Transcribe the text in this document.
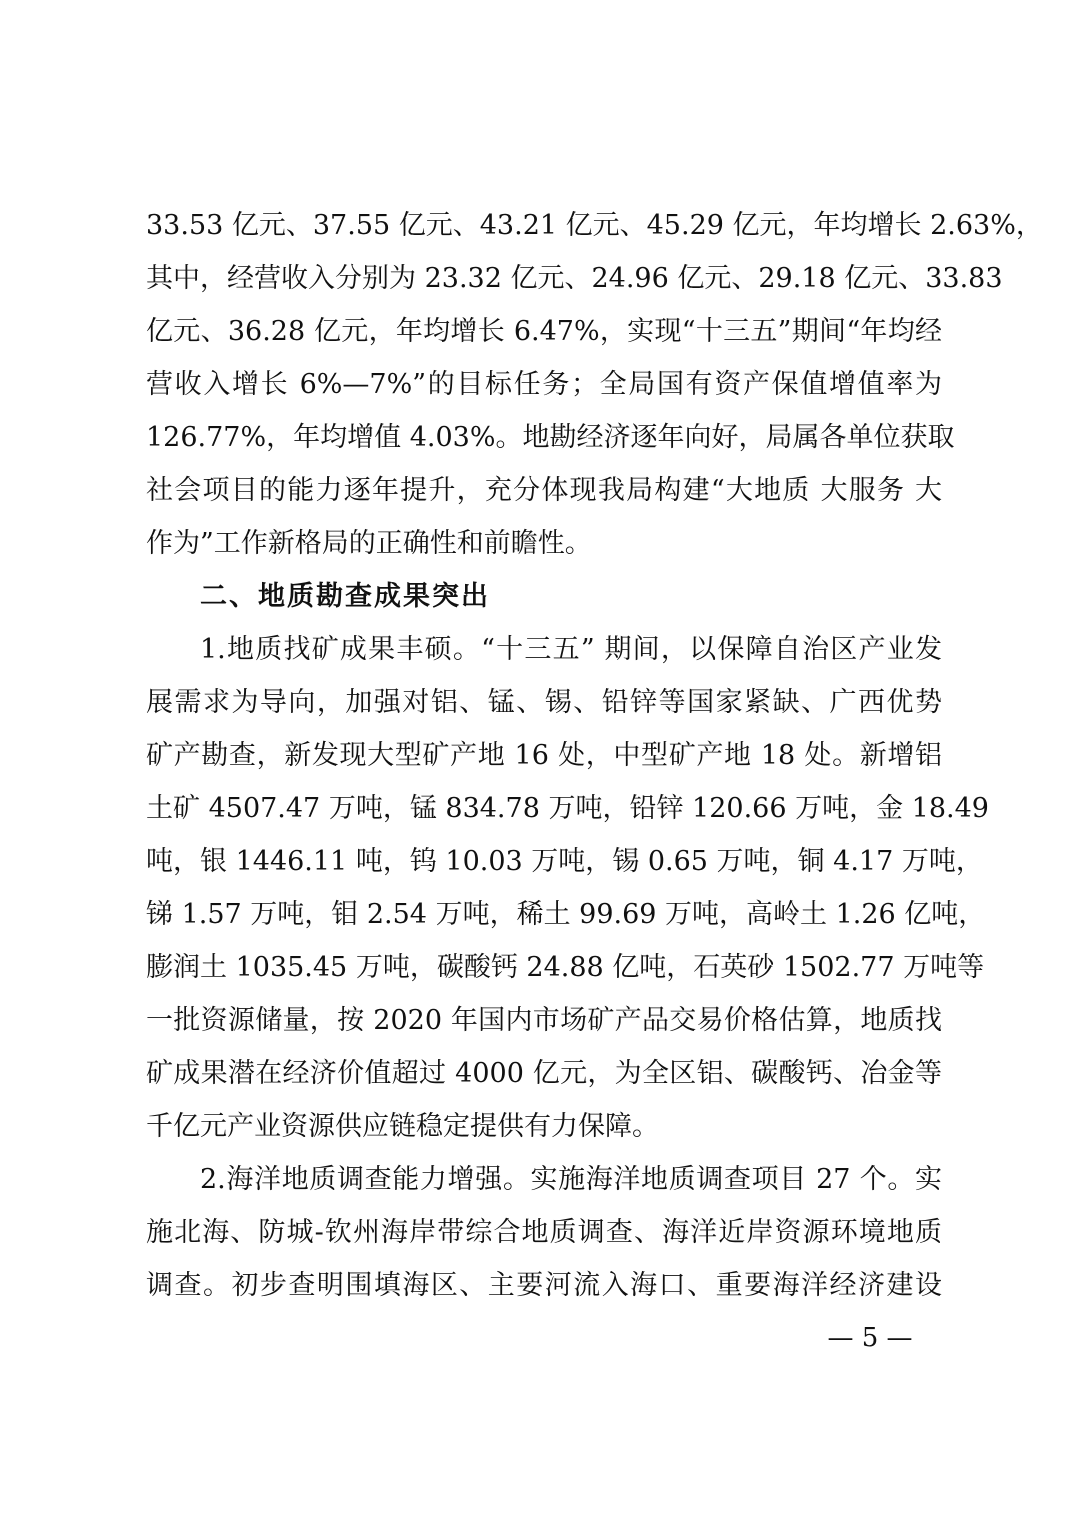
33.53 亿元、37.55 亿元、43.21 亿元、45.29 亿元，年均增长 2.63%，
其中，经营收入分别为 23.32 亿元、24.96 亿元、29.18 亿元、33.83
亿元、36.28 亿元，年均增长 6.47%，实现“十三五”期间“年均经
营收入增长 6%—7%”的目标任务；全局国有资产保值增值率为
126.77%，年均增值 4.03%。地勘经济逐年向好，局属各单位获取
社会项目的能力逐年提升，充分体现我局构建“大地质 大服务 大
作为”工作新格局的正确性和前瞻性。
二、地质勘查成果突出
1.地质找矿成果丰硕。“十三五” 期间，以保障自治区产业发
展需求为导向，加强对铝、锰、锡、铅锌等国家紧缺、广西优势
矿产勘查，新发现大型矿产地 16 处，中型矿产地 18 处。新增铝
土矿 4507.47 万吨，锰 834.78 万吨，铅锌 120.66 万吨，金 18.49
吨，银 1446.11 吨，钨 10.03 万吨，锡 0.65 万吨，铜 4.17 万吨，
锑 1.57 万吨，钼 2.54 万吨，稀土 99.69 万吨，高岭土 1.26 亿吨，
膨润土 1035.45 万吨，碳酸钙 24.88 亿吨，石英砂 1502.77 万吨等
一批资源储量，按 2020 年国内市场矿产品交易价格估算，地质找
矿成果潜在经济价值超过 4000 亿元，为全区铝、碳酸钙、冶金等
千亿元产业资源供应链稳定提供有力保障。
2.海洋地质调查能力增强。实施海洋地质调查项目 27 个。实
施北海、防城-钦州海岸带综合地质调查、海洋近岸资源环境地质
调查。初步查明围填海区、主要河流入海口、重要海洋经济建设
— 5 —
